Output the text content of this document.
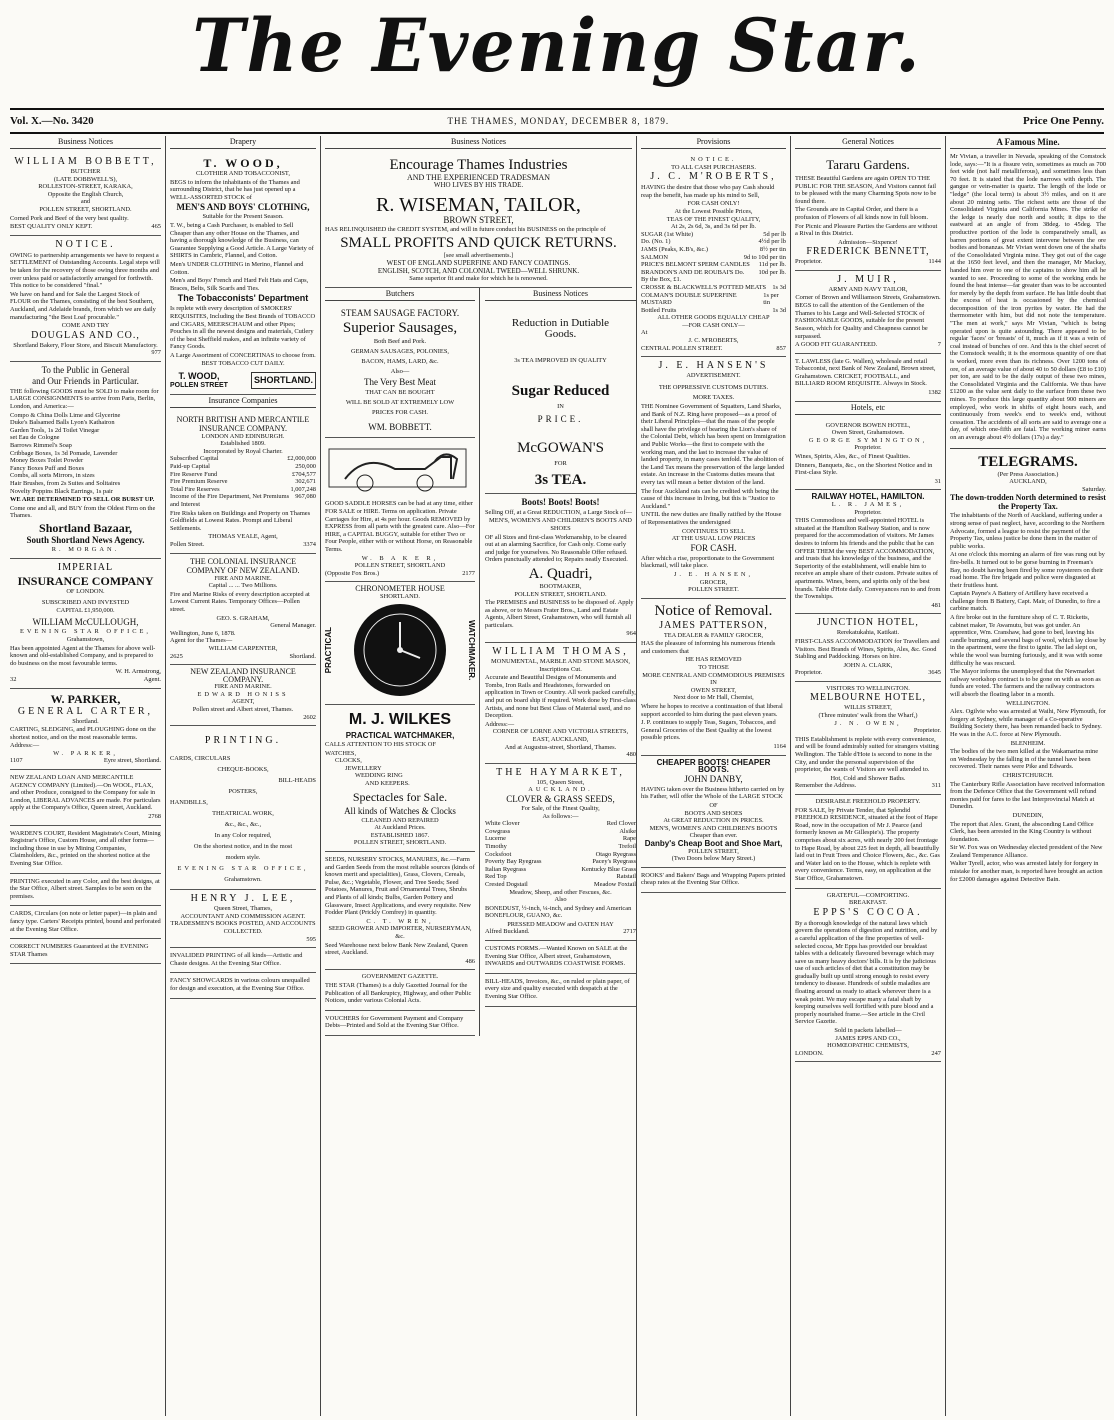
The Evening Star.
Vol. X.—No. 3420	THE THAMES, MONDAY, DECEMBER 8, 1879.	Price One Penny.
Business Notices
WILLIAM BOBBETT,
BUTCHER
(LATE DOBBWELL'S),
ROLLESTON-STREET, KARAKA,
Opposite the English Church,
and
POLLEN STREET, SHORTLAND.

Corned Pork and Beef of the very best quality.

BEST QUALITY ONLY KEPT.	465
NOTICE.

OWING to partnership arrangements we have to request a SETTLEMENT of Outstanding Accounts. Legal steps will be taken for the recovery of those owing three months and over unless paid or satisfactorily arranged for forthwith. This notice to be considered "final."

We have on hand and for Sale the Largest Stock of FLOUR on the Thames, consisting of the best Southern, Auckland, and Adelaide brands, from which we are daily manufacturing "the Best Loaf procurable."

COME AND TRY
DOUGLAS AND CO.,
Shortland Bakery, Flour Store, and Biscuit Manufactory.
977
To the Public in General
and Our Friends in Particular.

THE following GOODS must be SOLD to make room for LARGE CONSIGNMENTS to arrive from Paris, Berlin, London, and America:—

Compo & China Dolls Lime and Glycerine
Duke's Balsamed Balls Lyon's Kathairon
Garden Tools, 1s 2d Toilet Vinegar
set Eau de Cologne
Barrows Rimmel's Soap
Cribbage Boxes, 1s 3d Pomade, Lavender
Money Boxes Toilet Powder
Fancy Boxes Puff and Boxes
Combs, all sorts Mirrors, in sizes
Hair Brushes, from 2s Suites and Solitaires
Novelty Poppins Black Earrings, 1s pair

WE ARE DETERMINED TO SELL OR BURST UP.

Come one and all, and BUY from the Oldest Firm on the Thames.

Shortland Bazaar,
South Shortland News Agency.
R. MORGAN.
IMPERIAL
INSURANCE COMPANY
OF LONDON.
SUBSCRIBED AND INVESTED
CAPITAL £1,950,000.
WILLIAM McCULLOUGH,
EVENING STAR OFFICE,
Grahamstown,

Has been appointed Agent at the Thames for above well-known and old-established Company, and is prepared to do business on the most favourable terms.

W. H. Armstrong,
32	Agent.
W. PARKER,
GENERAL CARTER,
Shortland.

CARTING, SLEDGING, and PLOUGHING done on the shortest notice, and on the most reasonable terms.

Address:—
W. PARKER,
1107	Eyre street, Shortland.

NEW ZEALAND LOAN AND MERCANTILE AGENCY COMPANY (Limited).—On WOOL, FLAX, and other Produce, consigned to the Company for sale in London, LIBERAL ADVANCES are made. For particulars apply at the Company's Office, Queen street, Auckland.

2768

WARDEN'S COURT, Resident Magistrate's Court, Mining Registrar's Office, Custom House, and all other forms—including those in use by Mining Companies, Claimholders, &c., printed on the shortest notice at the Evening Star Office.

PRINTING executed in any Color, and the best designs, at the Star Office, Albert street. Samples to be seen on the premises.

CARDS, Circulars (on note or letter paper)—in plain and fancy type. Carters' Receipts printed, bound and perforated at the Evening Star Office.

CORRECT NUMBERS Guaranteed at the EVENING STAR Thames

Drapery
T. WOOD,
CLOTHIER AND TOBACCONIST,

BEGS to inform the inhabitants of the Thames and surrounding District, that he has just opened up a WELL-ASSORTED STOCK of

MEN'S AND BOYS' CLOTHING,
Suitable for the Present Season.

T. W., being a Cash Purchaser, is enabled to Sell Cheaper than any other House on the Thames, and having a thorough knowledge of the Business, can Guarantee Supplying a Good Article. A Large Variety of SHIRTS in Cambric, Flannel, and Cotton.

Men's UNDER CLOTHING in Merino, Flannel and Cotton.

Men's and Boys' French and Hard Felt Hats and Caps, Braces, Belts, Silk Scarfs and Ties.

The Tobacconists' Department

Is replete with every description of SMOKERS' REQUISITES, Including the Best Brands of TOBACCO and CIGARS, MEERSCHAUM and other Pipes; Pouches in all the newest designs and materials, Cutlery of the best Sheffield makes, and an infinite variety of Fancy Goods.

A Large Assortment of CONCERTINAS to choose from.

BEST TOBACCO CUT DAILY.
T. WOOD,
POLLEN STREET
SHORTLAND.
Insurance Companies
NORTH BRITISH AND MERCANTILE INSURANCE COMPANY.
LONDON AND EDINBURGH.
Established 1809.
Incorporated by Royal Charter.
Subscribed Capital	£2,000,000
Paid-up Capital	250,000
Fire Reserve Fund	£704,577
Fire Premium Reserve	302,671
Total Fire Reserves	1,007,248
Income of the Fire Department, Net Premiums and Interest
967,080

Fire Risks taken on Buildings and Property on Thames Goldfields at Lowest Rates. Prompt and Liberal Settlements.

THOMAS VEALE, Agent,
Pollen Street.	3374
THE COLONIAL INSURANCE COMPANY OF NEW ZEALAND.
FIRE AND MARINE.
Capital ... ... Two Millions.

Fire and Marine Risks of every description accepted at Lowest Current Rates. Temporary Offices—Pollen street.

GEO. S. GRAHAM,
General Manager.
Wellington, June 6, 1878.
Agent for the Thames—
WILLIAM CARPENTER,
2625	Shortland.
NEW ZEALAND INSURANCE COMPANY.
FIRE AND MARINE.
EDWARD HONISS
AGENT,
Pollen street and Albert street, Thames.
2602
PRINTING.
CARDS, CIRCULARS
CHEQUE-BOOKS,
BILL-HEADS
POSTERS,
HANDBILLS,
THEATRICAL WORK,
&c., &c., &c.,
In any Color required,
On the shortest notice, and in the most
modern style.
EVENING STAR OFFICE,
Grahamstown.
HENRY J. LEE,
Queen Street, Thames,
ACCOUNTANT AND COMMISSION AGENT.
TRADESMEN'S BOOKS POSTED, AND ACCOUNTS COLLECTED.
595

INVALIDED PRINTING of all kinds—Artistic and Chaste designs. At the Evening Star Office.

FANCY SHOWCARDS in various colours unequalled for design and execution, at the Evening Star Office.

Business Notices
Encourage Thames Industries
AND THE EXPERIENCED TRADESMAN
WHO LIVES BY HIS TRADE.
R. WISEMAN, TAILOR,
BROWN STREET,

HAS RELINQUISHED the CREDIT SYSTEM, and will in future conduct his BUSINESS on the principle of

SMALL PROFITS AND QUICK RETURNS.
[see small advertisements.]
WEST OF ENGLAND SUPERFINE AND FANCY COATINGS.
ENGLISH, SCOTCH, AND COLONIAL TWEED—WELL SHRUNK.
Same superior fit and make for which he is renowned.
Butchers
STEAM SAUSAGE FACTORY.
Superior Sausages,
Both Beef and Pork.
GERMAN SAUSAGES, POLONIES,
BACON, HAMS, LARD, &c.
Also—
The Very Best Meat
THAT CAN BE BOUGHT
WILL BE SOLD AT EXTREMELY LOW
PRICES FOR CASH.
WM. BOBBETT.

GOOD SADDLE HORSES can be had at any time, either FOR SALE or HIRE. Terms on application. Private Carriages for Hire, at 4s per hour. Goods REMOVED by EXPRESS from all parts with the greatest care. Also—For HIRE, a CAPITAL BUGGY, suitable for either Two or Four People, either with or without Horse, on Reasonable Terms.

W. B A K E R,
POLLEN STREET, SHORTLAND
(Opposite Fox Bros.)	2177
CHRONOMETER HOUSE
SHORTLAND.
PRACTICAL	WATCHMAKER.
M. J. WILKES
PRACTICAL WATCHMAKER,

CALLS ATTENTION TO HIS STOCK OF

WATCHES,
CLOCKS,
JEWELLERY
WEDDING RING
AND KEEPERS.
Spectacles for Sale.
All kinds of Watches & Clocks
CLEANED AND REPAIRED
At Auckland Prices.
ESTABLISHED 1867.
POLLEN STREET, SHORTLAND.

SEEDS, NURSERY STOCKS, MANURES, &c.—Farm and Garden Seeds from the most reliable sources (kinds of known merit and specialities), Grass, Clovers, Cereals, Pulse, &c.; Vegetable, Flower, and Tree Seeds; Seed Potatoes, Manures, Fruit and Ornamental Trees, Shrubs and Plants of all kinds; Bulbs, Garden Pottery and Glassware, Insect Applications, and every requisite. New Fodder Plant (Prickly Comfrey) in quantity.

C. T. WREN,
SEED GROWER AND IMPORTER, NURSERYMAN, &c.

Seed Warehouse next below Bank New Zealand, Queen street, Auckland.

486
GOVERNMENT GAZETTE.

THE STAR (Thames) is a duly Gazetted Journal for the Publication of all Bankruptcy, Highway, and other Public Notices, under various Colonial Acts.

VOUCHERS for Government Payment and Company Debts—Printed and Sold at the Evening Star Office.

Business Notices
Reduction in Dutiable
Goods.
3s TEA IMPROVED IN QUALITY
Sugar Reduced
IN
PRICE.
McGOWAN'S
FOR
3s TEA.
Boots! Boots! Boots!

Selling Off, at a Great REDUCTION, a Large Stock of—

MEN'S, WOMEN'S AND CHILDREN'S BOOTS AND SHOES

OF all Sizes and first-class Workmanship, to be cleared out at an alarming Sacrifice, for Cash only. Come early and judge for yourselves. No Reasonable Offer refused. Orders punctually attended to; Repairs neatly Executed.

A. Quadri,
BOOTMAKER,
POLLEN STREET, SHORTLAND.

The PREMISES and BUSINESS to be disposed of. Apply as above, or to Messrs Frater Bros., Land and Estate Agents, Albert Street, Grahamstown, who will furnish all particulars.

964
WILLIAM THOMAS,
MONUMENTAL, MARBLE AND STONE MASON,
Inscriptions Cut.

Accurate and Beautiful Designs of Monuments and Tombs, Iron Rails and Headstones, forwarded on application in Town or Country. All work packed carefully, and put on board ship if required. Work done by First-class Artists, and none but Best Class of Material used, and no Deception.

Address:—
CORNER OF LORNE AND VICTORIA STREETS, EAST, AUCKLAND,
And at Augustus-street, Shortland, Thames.
480
THE HAYMARKET,
105, Queen Street,
AUCKLAND.
CLOVER & GRASS SEEDS,
For Sale, of the Finest Quality,
As follows:—
White Clover	Red Clover
Cowgrass	Alsike
Lucerne	Rape
Timothy	Trefoil
Cocksfoot	Otago Ryegrass
Poverty Bay Ryegrass	Pacey's Ryegrass
Italian Ryegrass	Kentucky Blue Grass
Red Top	Ratstail
Crested Dogstail	Meadow Foxtail
Meadow, Sheep, and other Fescues, &c.
Also

BONEDUST, ½-inch, ¼-inch, and Sydney and American BONEFLOUR, GUANO, &c.

PRESSED MEADOW and OATEN HAY
Alfred Buckland.	2717

CUSTOMS FORMS.—Wanted Known on SALE at the Evening Star Office, Albert street, Grahamstown, INWARDS and OUTWARDS COASTWISE FORMS.

BILL-HEADS, Invoices, &c., on ruled or plain paper, of every size and quality executed with despatch at the Evening Star Office.

Provisions
NOTICE.
TO ALL CASH PURCHASERS.
J. C. M'ROBERTS,

HAVING the desire that those who pay Cash should reap the benefit, has made up his mind to Sell,

FOR CASH ONLY!
At the Lowest Possible Prices,
TEAS OF THE FINEST QUALITY,
At 2s, 2s 6d, 3s, and 3s 6d per lb.
SUGAR (1st White)	5d per lb
Do. (No. 1)	4½d per lb
JAMS (Peaks, K.B's, &c.)	8½ per tin
SALMON	9d to 10d per tin
PRICE'S BELMONT SPERM CANDLES 11d per lb.
BRANDON'S AND DE ROUBAI'S Do. 10d per lb.
By the Box, £1.
CROSSE & BLACKWELL'S POTTED MEATS 1s 3d
COLMAN'S DOUBLE SUPERFINE MUSTARD
1s per tin
Bottled Fruits	1s 3d
ALL OTHER GOODS EQUALLY CHEAP
—FOR CASH ONLY—
At
J. C. M'ROBERTS,
CENTRAL POLLEN STREET.	857
J. E. HANSEN'S
ADVERTISEMENT.
THE OPPRESSIVE CUSTOMS DUTIES.
MORE TAXES.

THE Nominee Government of Squatters, Land Sharks, and Bank of N.Z. Ring have proposed—as a proof of their Liberal Principles—that the mass of the people shall have the privilege of bearing the Lion's share of the Colonial Debt, which has been spent on Immigration and Public Works—the first to compete with the working man, and the last to increase the value of landed property, in many cases tenfold. The abolition of the Land Tax means the preservation of the large landed estate. An increase in the Customs duties means that every tax will mean a better division of the land.

The four Auckland rats can be credited with being the cause of this increase in living, but this is "Justice to Auckland."

UNTIL the new duties are finally ratified by the House of Representatives the undersigned

CONTINUES TO SELL
AT THE USUAL LOW PRICES
FOR CASH.

After which a rise, proportionate to the Government blackmail, will take place.

J. E. HANSEN,
GROCER,
POLLEN STREET.
Notice of Removal.
JAMES PATTERSON,
TEA DEALER & FAMILY GROCER,

HAS the pleasure of informing his numerous friends and customers that

HE HAS REMOVED
TO THOSE
MORE CENTRAL AND COMMODIOUS PREMISES
IN
OWEN STREET,
Next door to Mr Hall, Chemist,

Where he hopes to receive a continuation of that liberal support accorded to him during the past eleven years.

J. P. continues to supply Teas, Sugars, Tobaccos, and General Groceries of the Best Quality at the lowest possible prices.

1164
CHEAPER BOOTS! CHEAPER BOOTS.
JOHN DANBY,

HAVING taken over the Business hitherto carried on by his Father, will offer the Whole of the LARGE STOCK

OF
BOOTS AND SHOES
At GREAT REDUCTION IN PRICES.
MEN'S, WOMEN'S AND CHILDREN'S BOOTS Cheaper than ever.
Danby's Cheap Boot and Shoe Mart,
POLLEN STREET,
(Two Doors below Mary Street.)

ROOKS' and Bakers' Bags and Wrapping Papers printed cheap rates at the Evening Star Office.

General Notices
Tararu Gardens.

THESE Beautiful Gardens are again OPEN TO THE PUBLIC FOR THE SEASON, And Visitors cannot fail to be pleased with the many Charming Spots now to be found there.

The Grounds are in Capital Order, and there is a profusion of Flowers of all kinds now in full bloom.

For Picnic and Pleasure Parties the Gardens are without a Rival in this District.

Admission—Sixpence!
FREDERICK BENNETT,
Proprietor.	1144
J. MUIR,
ARMY AND NAVY TAILOR,
Corner of Brown and Williamson Streets, Grahamstown.

BEGS to call the attention of the Gentlemen of the Thames to his Large and Well-Selected STOCK of FASHIONABLE GOODS, suitable for the present Season, which for Quality and Cheapness cannot be surpassed.

A GOOD FIT GUARANTEED.	7

T. LAWLESS (late G. Wallen), wholesale and retail Tobacconist, next Bank of New Zealand, Brown street, Grahamstown. CRICKET, FOOTBALL, and BILLIARD ROOM REQUISITE. Always in Stock.

1382
Hotels, etc
GOVERNOR BOWEN HOTEL,
Owen Street, Grahamstown.
GEORGE SYMINGTON,
Proprietor.

Wines, Spirits, Ales, &c., of Finest Qualities.

Dinners, Banquets, &c., on the Shortest Notice and in First-class Style.

31
RAILWAY HOTEL, HAMILTON.
L. R. JAMES,
Proprietor.

THIS Commodious and well-appointed HOTEL is situated at the Hamilton Railway Station, and is now prepared for the accommodation of visitors. Mr James desires to inform his friends and the public that he can OFFER THEM the very BEST ACCOMMODATION, and trusts that his knowledge of the business, and the Superiority of the establishment, will enable him to receive an ample share of their custom. Private suites of apartments. Wines, beers, and spirits only of the best brands. Table d'Hote daily. Conveyances run to and from the Townships.

481
JUNCTION HOTEL,
Rerekatukahia, Katikati.

FIRST-CLASS ACCOMMODATION for Travellers and Visitors. Best Brands of Wines, Spirits, Ales, &c. Good Stabling and Paddocking. Horses on hire.

JOHN A. CLARK,
Proprietor.	3645
VISITORS TO WELLINGTON.
MELBOURNE HOTEL,
WILLIS STREET,
(Three minutes' walk from the Wharf,)
J. N. OWEN,
Proprietor.

THIS Establishment is replete with every convenience, and will be found admirably suited for strangers visiting Wellington. The Table d'Hote is second to none in the City, and under the personal supervision of the proprietor, the wants of Visitors are well attended to.

Hot, Cold and Shower Baths.
Remember the Address.	311
DESIRABLE FREEHOLD PROPERTY.

FOR SALE, by Private Tender, that Splendid FREEHOLD RESIDENCE, situated at the foot of Hape Road, now in the occupation of Mr J. Pearce (and formerly known as Mr Gillespie's). The property comprises about six acres, with nearly 200 feet frontage to Hape Road, by about 225 feet in depth, all beautifully laid out in Fruit Trees and Choice Flowers, &c., &c. Gas and Water laid on to the House, which is replete with every convenience. Terms, easy, on application at the Star Office, Grahamstown.

GRATEFUL—COMFORTING.
BREAKFAST.
EPPS'S COCOA.

By a thorough knowledge of the natural laws which govern the operations of digestion and nutrition, and by a careful application of the fine properties of well-selected cocoa, Mr Epps has provided our breakfast tables with a delicately flavoured beverage which may save us many heavy doctors' bills. It is by the judicious use of such articles of diet that a constitution may be gradually built up until strong enough to resist every tendency to disease. Hundreds of subtle maladies are floating around us ready to attack wherever there is a weak point. We may escape many a fatal shaft by keeping ourselves well fortified with pure blood and a properly nourished frame.—See article in the Civil Service Gazette.

Sold in packets labelled—
JAMES EPPS AND CO.,
HOMŒOPATHIC CHEMISTS,
LONDON.	247
A Famous Mine.

Mr Vivian, a traveller in Nevada, speaking of the Comstock lode, says:—"It is a fissure vein, sometimes as much as 700 feet wide (not half metalliferous), and sometimes less than 70 feet. It is stated that the lode narrows with depth. The gangue or vein-matter is quartz. The length of the lode or "ledge" (the local term) is about 3½ miles, and on it are about 20 mining setts. The richest setts are those of the Consolidated Virginia and California Mines. The strike of the ledge is nearly due north and south; it dips to the eastward at an angle of from 38deg. to 45deg. The productive portion of the lode is comparatively small, as barren portions of great extent intervene between the ore bodies and bonanzas. Mr Vivian went down one of the shafts of the Consolidated Virginia mine. They got out of the cage at the 1650 feet level, and then the manager, Mr Mackay, handed him over to one of the captains to show him all he wanted to see. Proceeding to some of the working ends he found the heat intense—far greater than was to be accounted for merely by the depth from surface. He has little doubt that the excess of heat is occasioned by the chemical decomposition of the iron pyrites by water. He had the thermometer with him, but did not note the temperature. "The men at work," says Mr Vivian, "which is being operated upon is quite astounding. There appeared to be regular 'faces' or 'breasts' of it, much as if it was a vein of coal instead of bunches of ore. And this is the chief secret of the Comstock wealth; it is the enormous quantity of ore that is worked, more even than its richness. Over 1200 tons of ore, of an average value of about 40 to 50 dollars (£8 to £10) per ton, are said to be the daily output of these two mines, the Consolidated Virginia and the California. We thus have £1200 as the value sent daily to the surface from these two mines. To produce this large quantity about 900 miners are employed, who work in shifts of eight hours each, and continuously from week's end to week's end, without cessation. The accidents of all sorts are said to average one a day, of which one-fifth are fatal. The working miner earns on an average about 4½ dollars (17s) a day."

TELEGRAMS.
(Per Press Association.)
AUCKLAND,
Saturday.
The down-trodden North determined to resist the Property Tax.

The inhabitants of the North of Auckland, suffering under a strong sense of past neglect, have, according to the Northern Advocate, formed a league to resist the payment of the Property Tax, unless justice be done them in the matter of public works.

At one o'clock this morning an alarm of fire was rung out by fire-bells. It turned out to be gorse burning in Freeman's Bay, no doubt having been fired by some roysterers on their road home. The fire brigade and police were disgusted at their fruitless hunt.

Captain Payne's A Battery of Artillery have received a challenge from B Battery, Capt. Mair, of Dunedin, to fire a carbine match.

A fire broke out in the furniture shop of C. T. Ricketts, cabinet maker, Te Awamutu, but was got under. An apprentice, Wm. Cranshaw, had gone to bed, leaving his candle burning, and several bags of wool, which lay close by in the apartment, were the first to ignite. The lad slept on, while the wool was burning furiously, and it was with some difficulty he was rescued.

The Mayor informs the unemployed that the Newmarket railway workshop contract is to be gone on with as soon as funds are voted. The farmers and the railway contractors will absorb the floating labor in a month.

WELLINGTON.

Alex. Ogilvie who was arrested at Waihi, New Plymouth, for forgery at Sydney, while manager of a Co-operative Building Society there, has been remanded back to Sydney. He was in the A.C. force at New Plymouth.

BLENHEIM.

The bodies of the two men killed at the Wakamarina mine on Wednesday by the falling in of the tunnel have been recovered. Their names were Pike and Edwards.

CHRISTCHURCH.

The Canterbury Rifle Association have received information from the Defence Office that the Government will refund monies paid for fares to the last Interprovincial Match at Dunedin.

DUNEDIN,

The report that Alex. Grant, the absconding Land Office Clerk, has been arrested in the King Country is without foundation.

Sir W. Fox was on Wednesday elected president of the New Zealand Temperance Alliance.

Walter Tyrell, actor, who was arrested lately for forgery in mistake for another man, is reported have brought an action for £2000 damages against Detective Bain.
